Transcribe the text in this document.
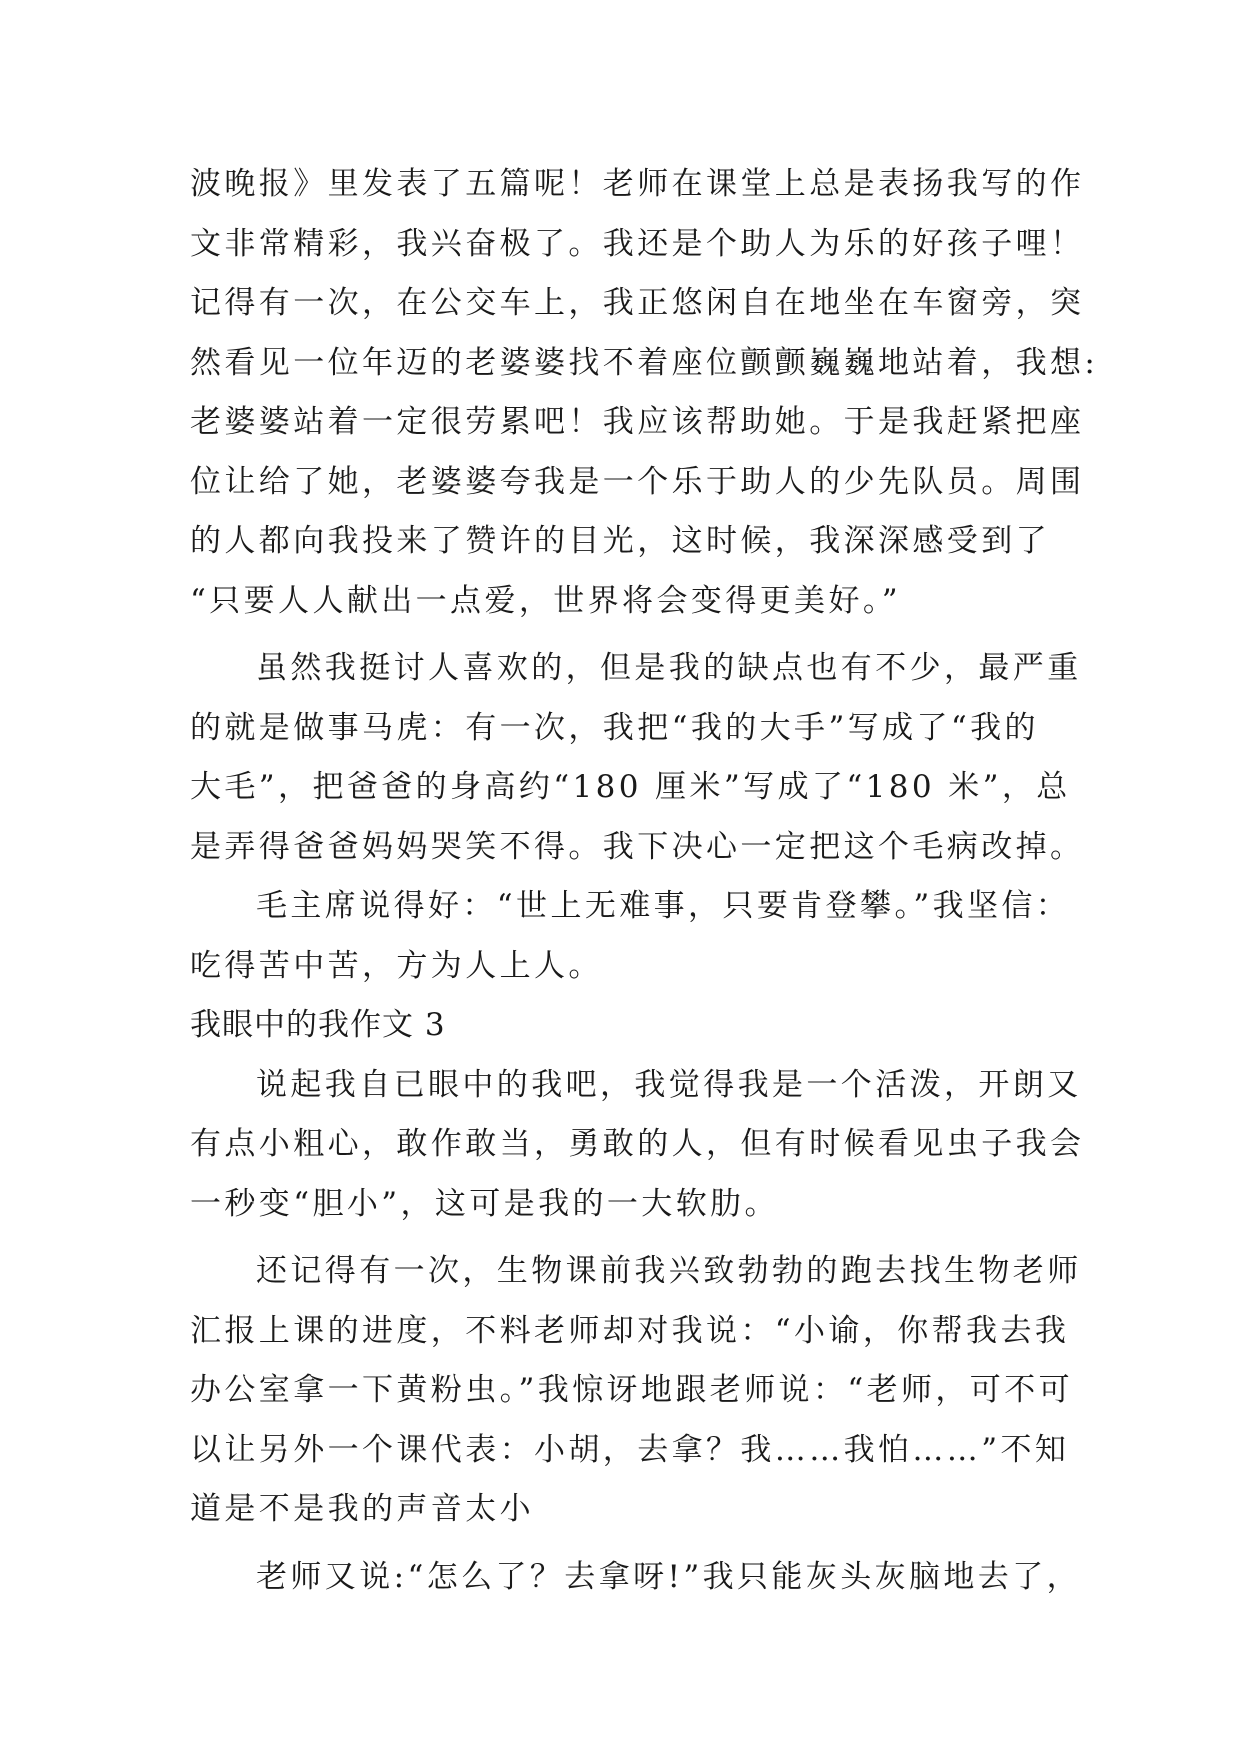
波晚报》里发表了五篇呢！老师在课堂上总是表扬我写的作
文非常精彩，我兴奋极了。我还是个助人为乐的好孩子哩！
记得有一次，在公交车上，我正悠闲自在地坐在车窗旁，突
然看见一位年迈的老婆婆找不着座位颤颤巍巍地站着，我想:
老婆婆站着一定很劳累吧！我应该帮助她。于是我赶紧把座
位让给了她，老婆婆夸我是一个乐于助人的少先队员。周围
的人都向我投来了赞许的目光，这时候，我深深感受到了
“只要人人献出一点爱，世界将会变得更美好。”
虽然我挺讨人喜欢的，但是我的缺点也有不少，最严重
的就是做事马虎：有一次，我把“我的大手”写成了“我的
大毛”，把爸爸的身高约“180 厘米”写成了“180 米”，总
是弄得爸爸妈妈哭笑不得。我下决心一定把这个毛病改掉。
毛主席说得好：“世上无难事，只要肯登攀。”我坚信：
吃得苦中苦，方为人上人。
我眼中的我作文 3
说起我自已眼中的我吧，我觉得我是一个活泼，开朗又
有点小粗心，敢作敢当，勇敢的人，但有时候看见虫子我会
一秒变“胆小”，这可是我的一大软肋。
还记得有一次，生物课前我兴致勃勃的跑去找生物老师
汇报上课的进度，不料老师却对我说：“小谕，你帮我去我
办公室拿一下黄粉虫。”我惊讶地跟老师说：“老师，可不可
以让另外一个课代表：小胡，去拿？我……我怕……”不知
道是不是我的声音太小
老师又说:“怎么了？去拿呀!”我只能灰头灰脑地去了，
